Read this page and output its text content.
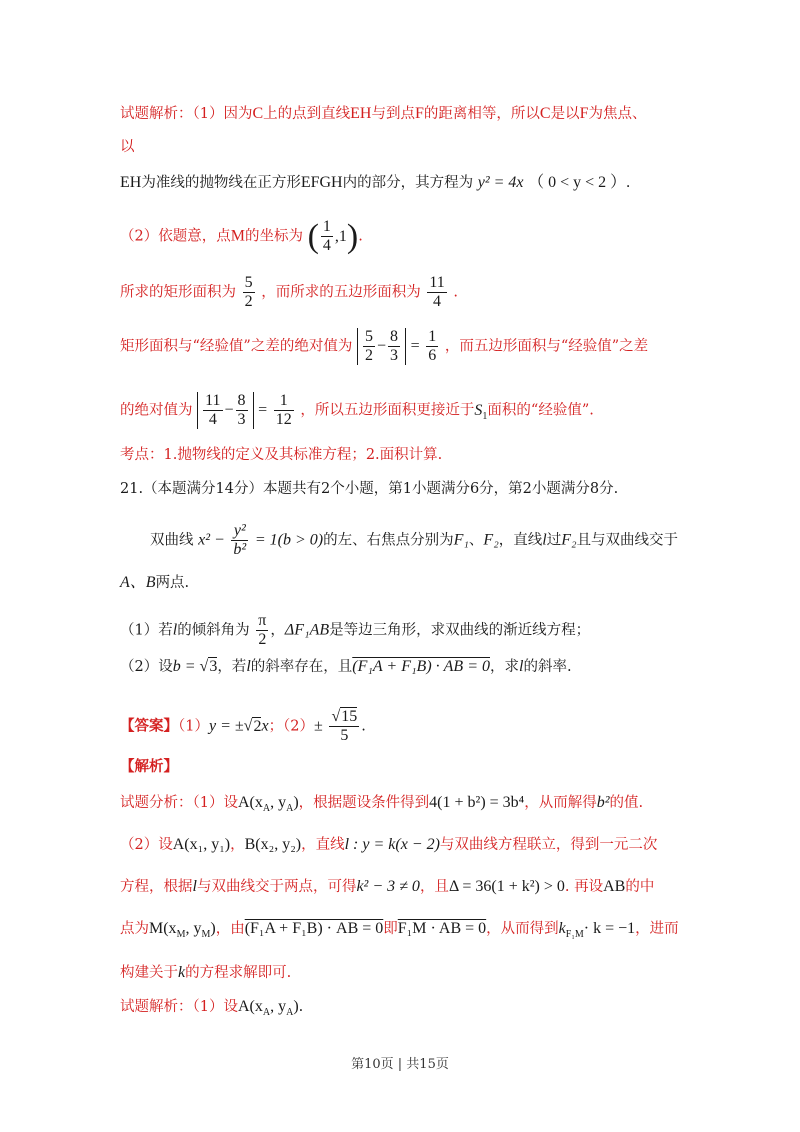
试题解析：（1）因为C上的点到直线EH与到点F的距离相等，所以C是以F为焦点、
以
EH为准线的抛物线在正方形EFGH内的部分，其方程为 y² = 4x （ 0 < y < 2 ）.
（2）依题意，点M的坐标为 ( $\frac{1}{4} ,1$).
所求的矩形面积为 $\frac{5}{2}$ ，而所求的五边形面积为 $\frac{11}{4}$ .
矩形面积与“经验值”之差的绝对值为 $\frac{5}{2} - \frac{8}{3} = \frac{1}{6}$ ，而五边形面积与“经验值”之差
的绝对值为 $\frac{11}{4} - \frac{8}{3} = \frac{1}{12}$ ，所以五边形面积更接近于$S_1$面积的“经验值”.
考点：1.抛物线的定义及其标准方程；2.面积计算.
21.（本题满分14分）本题共有2个小题，第1小题满分6分，第2小题满分8分.
双曲线 $x^2 - \frac{\text{y²}}{\text{b²}} = 1(b > 0)$的左、右焦点分别为F₁、F₂，直线l过F₂且与双曲线交于
A、B两点.
（1）若l的倾斜角为 $\frac{\pi}{2}$ ，ΔF₁AB是等边三角形，求双曲线的渐近线方程；
（2）设b = √3，若l的斜率存在，且(F₁A + F₁B) · AB = 0，求l的斜率.
【答案】（1）y = ±√2x；$(2)\pm \frac{√15}{5}$ .
【解析】
试题分析：（1）设$A(x_A$, $y_A$)，根据题设条件得到4(1 + b²) = 3b⁴，从而解得b²的值.
（2）设A(x₁, y₁)，B(x₂, y₂)，直线l : y = k(x − 2)与双曲线方程联立，得到一元二次
方程，根据l与双曲线交于两点，可得k² − 3 ≠ 0，且Δ = 36(1 + k²) > 0. 再设AB的中
点为$M(x_M$, $y_M$)，由(F₁A + F₁B) · AB = 0即F₁M · AB = 0，从而得到$k_{F_1M}\cdot k = -1$，进而
构建关于k的方程求解即可.
试题解析：（1）设$A(x_A$, $y_A$).
第10页 | 共15页
